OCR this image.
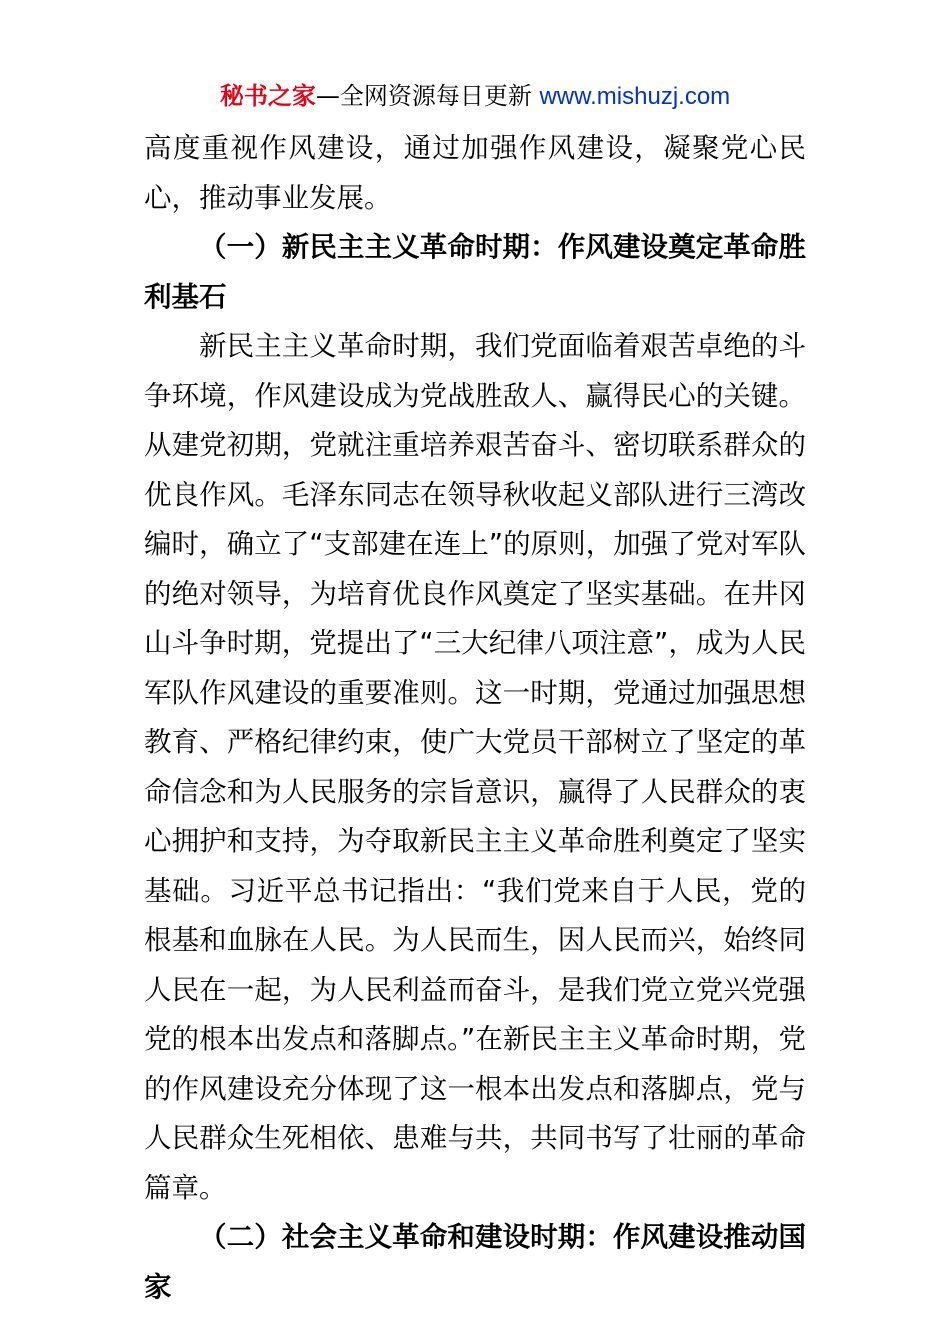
秘书之家—全网资源每日更新 www.mishuzj.com

高度重视作风建设，通过加强作风建设，凝聚党心民心，推动事业发展。

（一）新民主主义革命时期：作风建设奠定革命胜利基石

新民主主义革命时期，我们党面临着艰苦卓绝的斗争环境，作风建设成为党战胜敌人、赢得民心的关键。从建党初期，党就注重培养艰苦奋斗、密切联系群众的优良作风。毛泽东同志在领导秋收起义部队进行三湾改编时，确立了“支部建在连上”的原则，加强了党对军队的绝对领导，为培育优良作风奠定了坚实基础。在井冈山斗争时期，党提出了“三大纪律八项注意”，成为人民军队作风建设的重要准则。这一时期，党通过加强思想教育、严格纪律约束，使广大党员干部树立了坚定的革命信念和为人民服务的宗旨意识，赢得了人民群众的衷心拥护和支持，为夺取新民主主义革命胜利奠定了坚实基础。习近平总书记指出：“我们党来自于人民，党的根基和血脉在人民。为人民而生，因人民而兴，始终同人民在一起，为人民利益而奋斗，是我们党立党兴党强党的根本出发点和落脚点。”在新民主主义革命时期，党的作风建设充分体现了这一根本出发点和落脚点，党与人民群众生死相依、患难与共，共同书写了壮丽的革命篇章。

（二）社会主义革命和建设时期：作风建设推动国家
